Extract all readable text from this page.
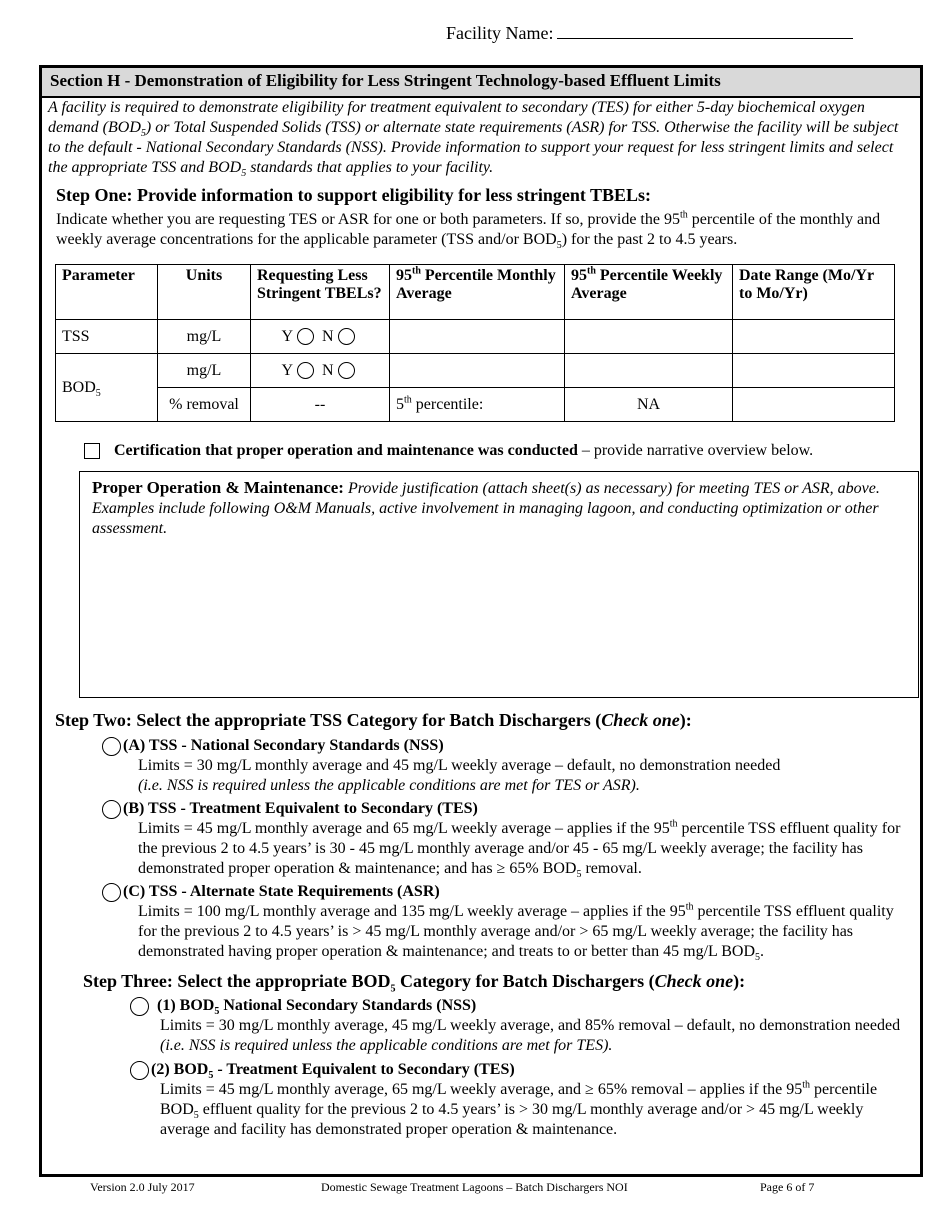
Facility Name:
Section H - Demonstration of Eligibility for Less Stringent Technology-based Effluent Limits
A facility is required to demonstrate eligibility for treatment equivalent to secondary (TES) for either 5-day biochemical oxygen demand $(BOD_5)$ or Total Suspended Solids (TSS) or alternate state requirements (ASR) for TSS. Otherwise the facility will be subject to the default - National Secondary Standards (NSS). Provide information to support your request for less stringent limits and select the appropriate TSS and $BOD_5$ standards that applies to your facility.
Step One: Provide information to support eligibility for less stringent TBELs:
Indicate whether you are requesting TES or ASR for one or both parameters. If so, provide the 95th percentile of the monthly and weekly average concentrations for the applicable parameter (TSS and/or $BOD_5$) for the past 2 to 4.5 years.
Parameter	Units	Requesting Less Stringent TBELs?	95th Percentile Monthly Average	95th Percentile Weekly Average	Date Range (Mo/Yr to Mo/Yr)
TSS	mg/L	Y N			
$BOD_5$	mg/L	Y N			
	% removal	--	5th percentile:	NA	
Certification that proper operation and maintenance was conducted – provide narrative overview below.
Proper Operation & Maintenance: Provide justification (attach sheet(s) as necessary) for meeting TES or ASR, above. Examples include following O&M Manuals, active involvement in managing lagoon, and conducting optimization or other assessment.
Step Two: Select the appropriate TSS Category for Batch Dischargers (Check one):
(A) TSS - National Secondary Standards (NSS)
Limits = 30 mg/L monthly average and 45 mg/L weekly average – default, no demonstration needed
(i.e. NSS is required unless the applicable conditions are met for TES or ASR).
(B) TSS - Treatment Equivalent to Secondary (TES)
Limits = 45 mg/L monthly average and 65 mg/L weekly average – applies if the 95th percentile TSS effluent quality for the previous 2 to 4.5 years’ is 30 - 45 mg/L monthly average and/or 45 - 65 mg/L weekly average; the facility has demonstrated proper operation & maintenance; and has ≥ 65% $BOD_5$ removal.
(C) TSS - Alternate State Requirements (ASR)
Limits = 100 mg/L monthly average and 135 mg/L weekly average – applies if the 95th percentile TSS effluent quality for the previous 2 to 4.5 years’ is > 45 mg/L monthly average and/or > 65 mg/L weekly average; the facility has demonstrated having proper operation & maintenance; and treats to or better than 45 mg/L $BOD_5$.
Step Three: Select the appropriate $BOD_5$ Category for Batch Dischargers (Check one):
(1) $BOD_5$ National Secondary Standards (NSS)
Limits = 30 mg/L monthly average, 45 mg/L weekly average, and 85% removal – default, no demonstration needed (i.e. NSS is required unless the applicable conditions are met for TES).
(2) $BOD_5$ - Treatment Equivalent to Secondary (TES)
Limits = 45 mg/L monthly average, 65 mg/L weekly average, and ≥ 65% removal – applies if the 95th percentile $BOD_5$ effluent quality for the previous 2 to 4.5 years’ is > 30 mg/L monthly average and/or > 45 mg/L weekly average and facility has demonstrated proper operation & maintenance.
Version 2.0 July 2017	Domestic Sewage Treatment Lagoons – Batch Dischargers NOI	Page 6 of 7
